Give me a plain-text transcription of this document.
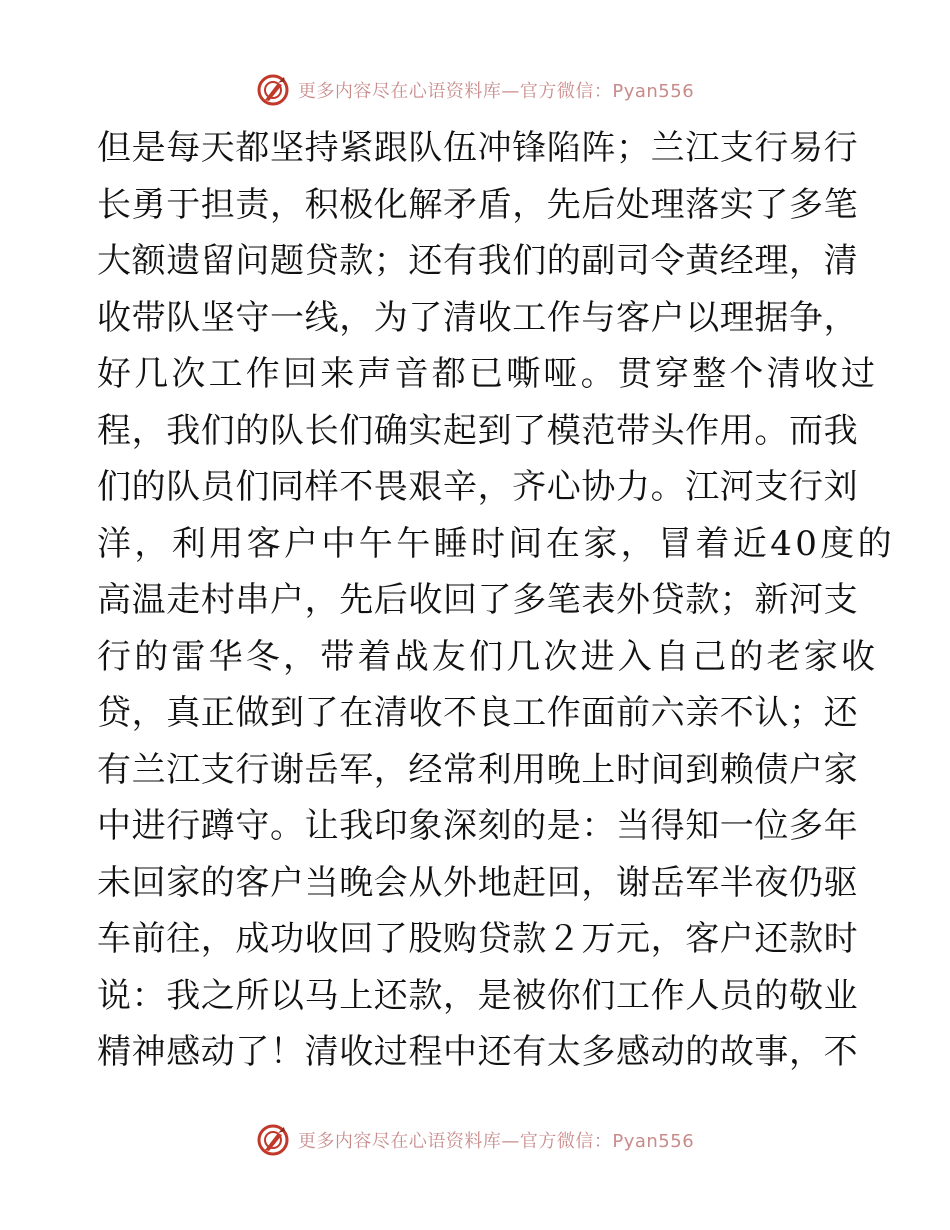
更多内容尽在心语资料库—官方微信：Pyan556
但是每天都坚持紧跟队伍冲锋陷阵；兰江支行易行
长勇于担责，积极化解矛盾，先后处理落实了多笔
大额遗留问题贷款；还有我们的副司令黄经理，清
收带队坚守一线，为了清收工作与客户以理据争，
好几次工作回来声音都已嘶哑。贯穿整个清收过
程，我们的队长们确实起到了模范带头作用。而我
们的队员们同样不畏艰辛，齐心协力。江河支行刘
洋，利用客户中午午睡时间在家，冒着近40度的
高温走村串户，先后收回了多笔表外贷款；新河支
行的雷华冬，带着战友们几次进入自己的老家收
贷，真正做到了在清收不良工作面前六亲不认；还
有兰江支行谢岳军，经常利用晚上时间到赖债户家
中进行蹲守。让我印象深刻的是：当得知一位多年
未回家的客户当晚会从外地赶回，谢岳军半夜仍驱
车前往，成功收回了股购贷款２万元，客户还款时
说：我之所以马上还款，是被你们工作人员的敬业
精神感动了！清收过程中还有太多感动的故事，不
更多内容尽在心语资料库—官方微信：Pyan556
